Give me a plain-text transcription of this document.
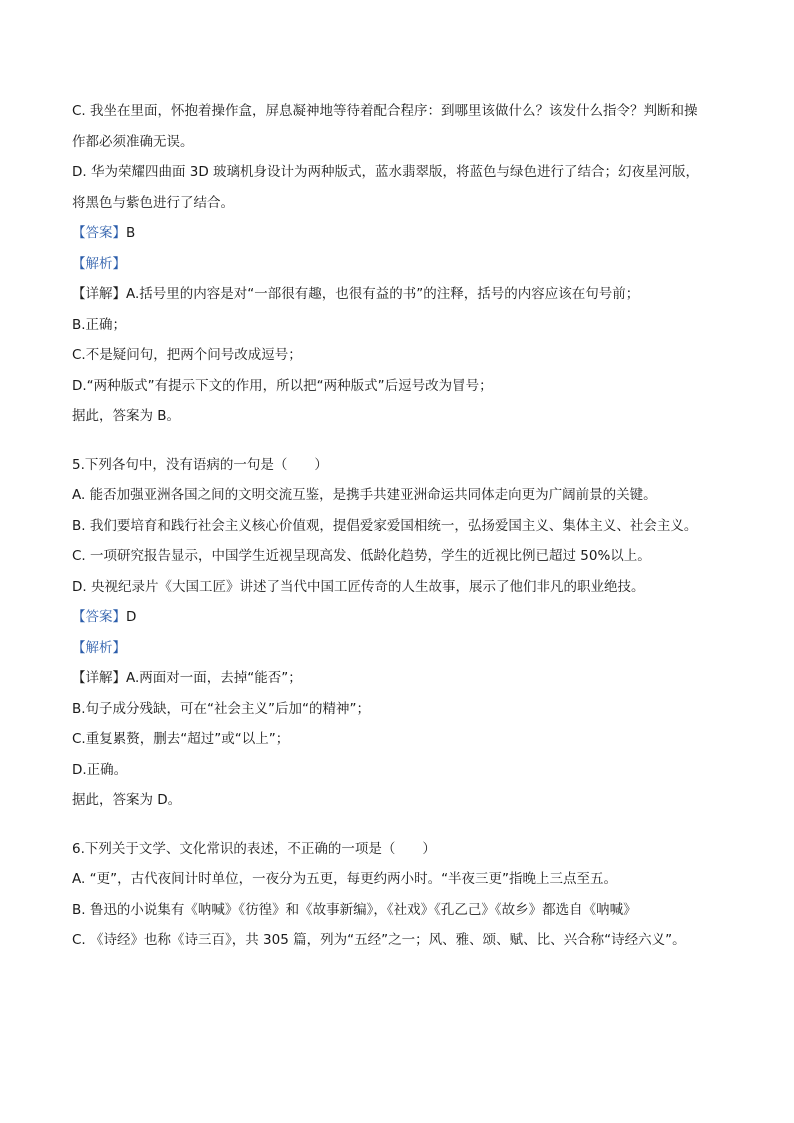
C. 我坐在里面，怀抱着操作盒，屏息凝神地等待着配合程序：到哪里该做什么？该发什么指令？判断和操
作都必须准确无误。
D. 华为荣耀四曲面 3D 玻璃机身设计为两种版式，蓝水翡翠版，将蓝色与绿色进行了结合；幻夜星河版，
将黑色与紫色进行了结合。
【答案】B
【解析】
【详解】A.括号里的内容是对“一部很有趣，也很有益的书”的注释，括号的内容应该在句号前；
B.正确；
C.不是疑问句，把两个问号改成逗号；
D.“两种版式”有提示下文的作用，所以把“两种版式”后逗号改为冒号；
据此，答案为 B。
5.下列各句中，没有语病的一句是（　　）
A. 能否加强亚洲各国之间的文明交流互鉴，是携手共建亚洲命运共同体走向更为广阔前景的关键。
B. 我们要培育和践行社会主义核心价值观，提倡爱家爱国相统一，弘扬爱国主义、集体主义、社会主义。
C. 一项研究报告显示，中国学生近视呈现高发、低龄化趋势，学生的近视比例已超过 50%以上。
D. 央视纪录片《大国工匠》讲述了当代中国工匠传奇的人生故事，展示了他们非凡的职业绝技。
【答案】D
【解析】
【详解】A.两面对一面，去掉“能否”；
B.句子成分残缺，可在“社会主义”后加“的精神”；
C.重复累赘，删去“超过”或“以上”；
D.正确。
据此，答案为 D。
6.下列关于文学、文化常识的表述，不正确的一项是（　　）
A. “更”，古代夜间计时单位，一夜分为五更，每更约两小时。“半夜三更”指晚上三点至五。
B. 鲁迅的小说集有《呐喊》《彷徨》和《故事新编》，《社戏》《孔乙己》《故乡》都选自《呐喊》
C. 《诗经》也称《诗三百》，共 305 篇，列为“五经”之一；风、雅、颂、赋、比、兴合称“诗经六义”。
